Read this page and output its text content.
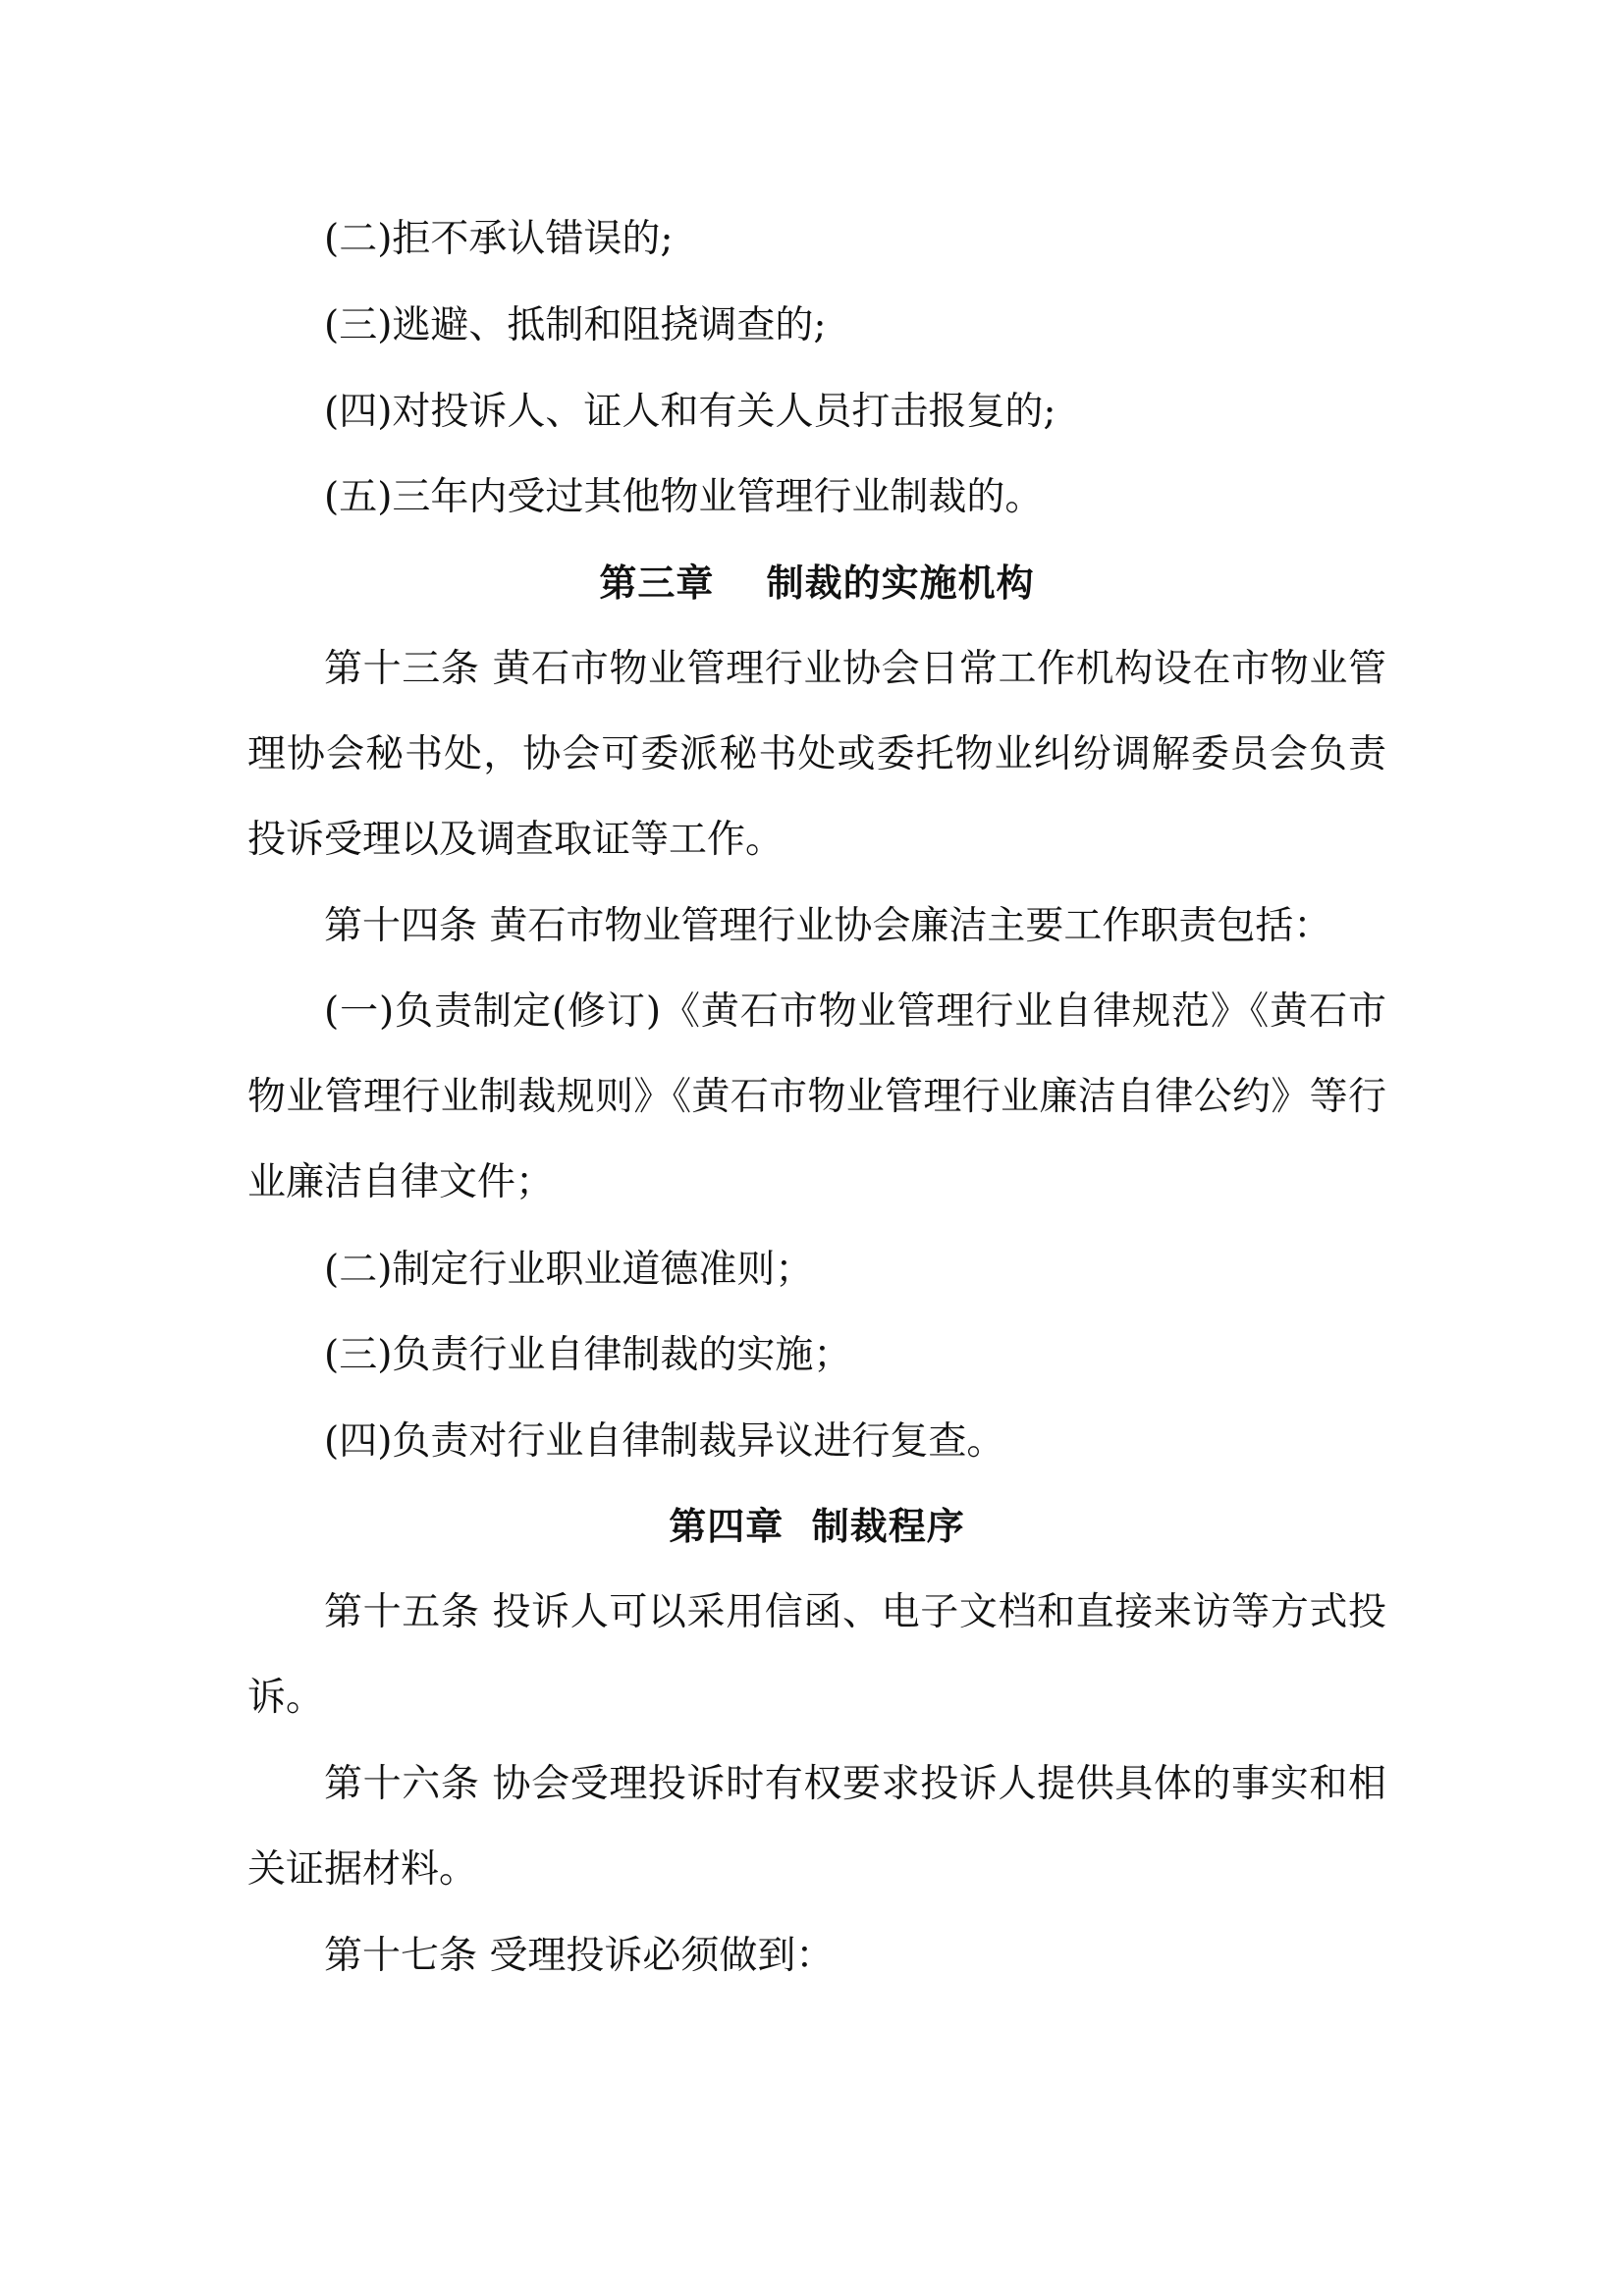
(二)拒不承认错误的;
(三)逃避、抵制和阻挠调查的;
(四)对投诉人、证人和有关人员打击报复的;
(五)三年内受过其他物业管理行业制裁的。
第三章　 制裁的实施机构
第十三条 黄石市物业管理行业协会日常工作机构设在市物业管理协会秘书处，协会可委派秘书处或委托物业纠纷调解委员会负责投诉受理以及调查取证等工作。
第十四条 黄石市物业管理行业协会廉洁主要工作职责包括：
(一)负责制定(修订)《黄石市物业管理行业自律规范》《黄石市物业管理行业制裁规则》《黄石市物业管理行业廉洁自律公约》等行业廉洁自律文件；
(二)制定行业职业道德准则；
(三)负责行业自律制裁的实施；
(四)负责对行业自律制裁异议进行复查。
第四章  制裁程序
第十五条 投诉人可以采用信函、电子文档和直接来访等方式投诉。
第十六条 协会受理投诉时有权要求投诉人提供具体的事实和相关证据材料。
第十七条 受理投诉必须做到：
